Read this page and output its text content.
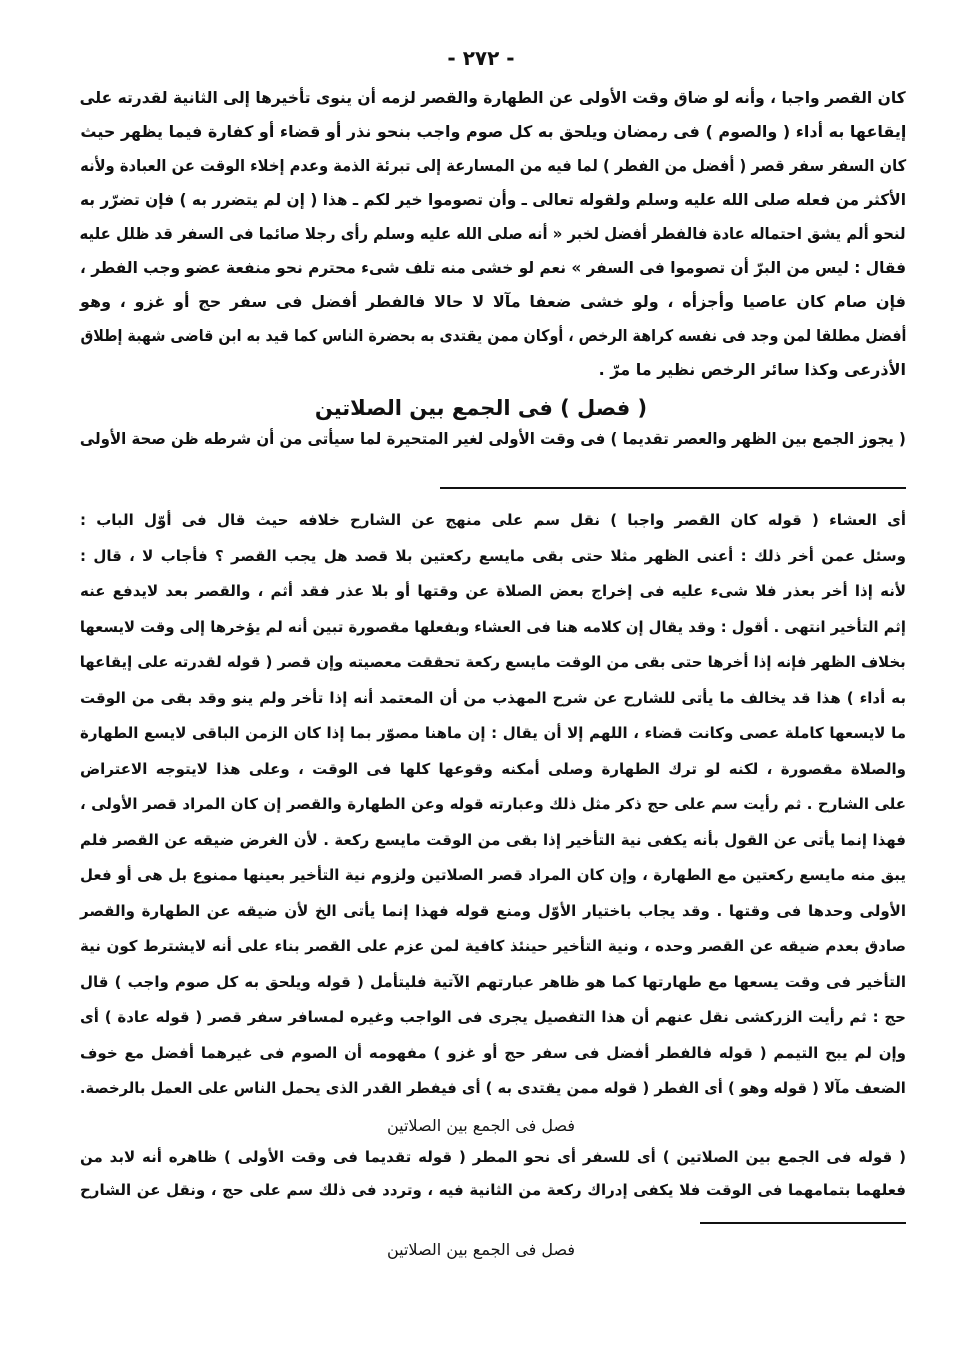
- ٢٧٢ -
كان القصر واجبا ، وأنه لو ضاق وقت الأولى عن الطهارة والقصر لزمه أن ينوى تأخيرها إلى الثانية لقدرته على
إيقاعها به أداء ( والصوم ) فى رمضان ويلحق به كل صوم واجب بنحو نذر أو قضاء أو كفارة فيما يظهر حيث
كان السفر سفر قصر ( أفضل من الفطر ) لما فيه من المسارعة إلى تبرئة الذمة وعدم إخلاء الوقت عن العبادة ولأنه
الأكثر من فعله صلى الله عليه وسلم ولقوله تعالى ـ وأن تصوموا خير لكم ـ هذا ( إن لم يتضرر به ) فإن تضرّر به
لنحو ألم يشق احتماله عادة فالفطر أفضل لخبر « أنه صلى الله عليه وسلم رأى رجلا صائما فى السفر قد ظلل عليه
فقال : ليس من البرّ أن تصوموا فى السفر » نعم لو خشى منه تلف شىء محترم نحو منفعة عضو وجب الفطر ،
فإن صام كان عاصيا وأجزأه ، ولو خشى ضعفا مآلا لا حالا فالفطر أفضل فى سفر حج أو غزو ، وهو
أفضل مطلقا لمن وجد فى نفسه كراهة الرخص ، أوكان ممن يقتدى به بحضرة الناس كما قيد به ابن قاضى شهبة إطلاق
الأذرعى وكذا سائر الرخص نظير ما مرّ .
( فصل ) فى الجمع بين الصلاتين
( يجوز الجمع بين الظهر والعصر تقديما ) فى وقت الأولى لغير المتحيرة لما سيأتى من أن شرطه ظن صحة الأولى
أى العشاء ( قوله كان القصر واجبا ) نقل سم على منهج عن الشارح خلافه حيث قال فى أوّل الباب :
وسئل عمن أخر ذلك : أعنى الظهر مثلا حتى بقى مايسع ركعتين بلا قصد هل يجب القصر ؟ فأجاب لا ، قال :
لأنه إذا أخر بعذر فلا شىء عليه فى إخراج بعض الصلاة عن وقتها أو بلا عذر فقد أثم ، والقصر بعد لايدفع عنه
إثم التأخير انتهى . أقول : وقد يقال إن كلامه هنا فى العشاء وبفعلها مقصورة تبين أنه لم يؤخرها إلى وقت لايسعها
بخلاف الظهر فإنه إذا أخرها حتى بقى من الوقت مايسع ركعة تحققت معصيته وإن قصر ( قوله لقدرته على إيقاعها
به أداء ) هذا قد يخالف ما يأتى للشارح عن شرح المهذب من أن المعتمد أنه إذا تأخر ولم ينو وقد بقى من الوقت
ما لايسعها كاملة عصى وكانت قضاء ، اللهم إلا أن يقال : إن ماهنا مصوّر بما إذا كان الزمن الباقى لايسع الطهارة
والصلاة مقصورة ، لكنه لو ترك الطهارة وصلى أمكنه وقوعها كلها فى الوقت ، وعلى هذا لايتوجه الاعتراض
على الشارح . ثم رأيت سم على حج ذكر مثل ذلك وعبارته قوله وعن الطهارة والقصر إن كان المراد قصر الأولى ،
فهذا إنما يأتى عن القول بأنه يكفى نية التأخير إذا بقى من الوقت مايسع ركعة . لأن الغرض ضيقه عن القصر فلم
يبق منه مايسع ركعتين مع الطهارة ، وإن كان المراد قصر الصلاتين ولزوم نية التأخير بعينها ممنوع بل هى أو فعل
الأولى وحدها فى وقتها . وقد يجاب باختيار الأوّل ومنع قوله فهذا إنما يأتى الخ لأن ضيقه عن الطهارة والقصر
صادق بعدم ضيقه عن القصر وحده ، ونية التأخير حينئذ كافية لمن عزم على القصر بناء على أنه لايشترط كون نية
التأخير فى وقت يسعها مع طهارتها كما هو ظاهر عبارتهم الآتية فليتأمل ( قوله ويلحق به كل صوم واجب ) قال
حج : ثم رأيت الزركشى نقل عنهم أن هذا التفصيل يجرى فى الواجب وغيره لمسافر سفر قصر ( قوله عادة ) أى
وإن لم يبح التيمم ( قوله فالفطر أفضل فى سفر حج أو غزو ) مفهومه أن الصوم فى غيرهما أفضل مع خوف
الضعف مآلا ( قوله وهو ) أى الفطر ( قوله ممن يقتدى به ) أى فيفطر القدر الذى يحمل الناس على العمل بالرخصة.
فصل فى الجمع بين الصلاتين
( قوله فى الجمع بين الصلاتين ) أى للسفر أى نحو المطر ( قوله تقديما فى وقت الأولى ) ظاهره أنه لابد من
فعلهما بتمامهما فى الوقت فلا يكفى إدراك ركعة من الثانية فيه ، وتردد فى ذلك سم على حج ، ونقل عن الشارح
فصل فى الجمع بين الصلاتين
